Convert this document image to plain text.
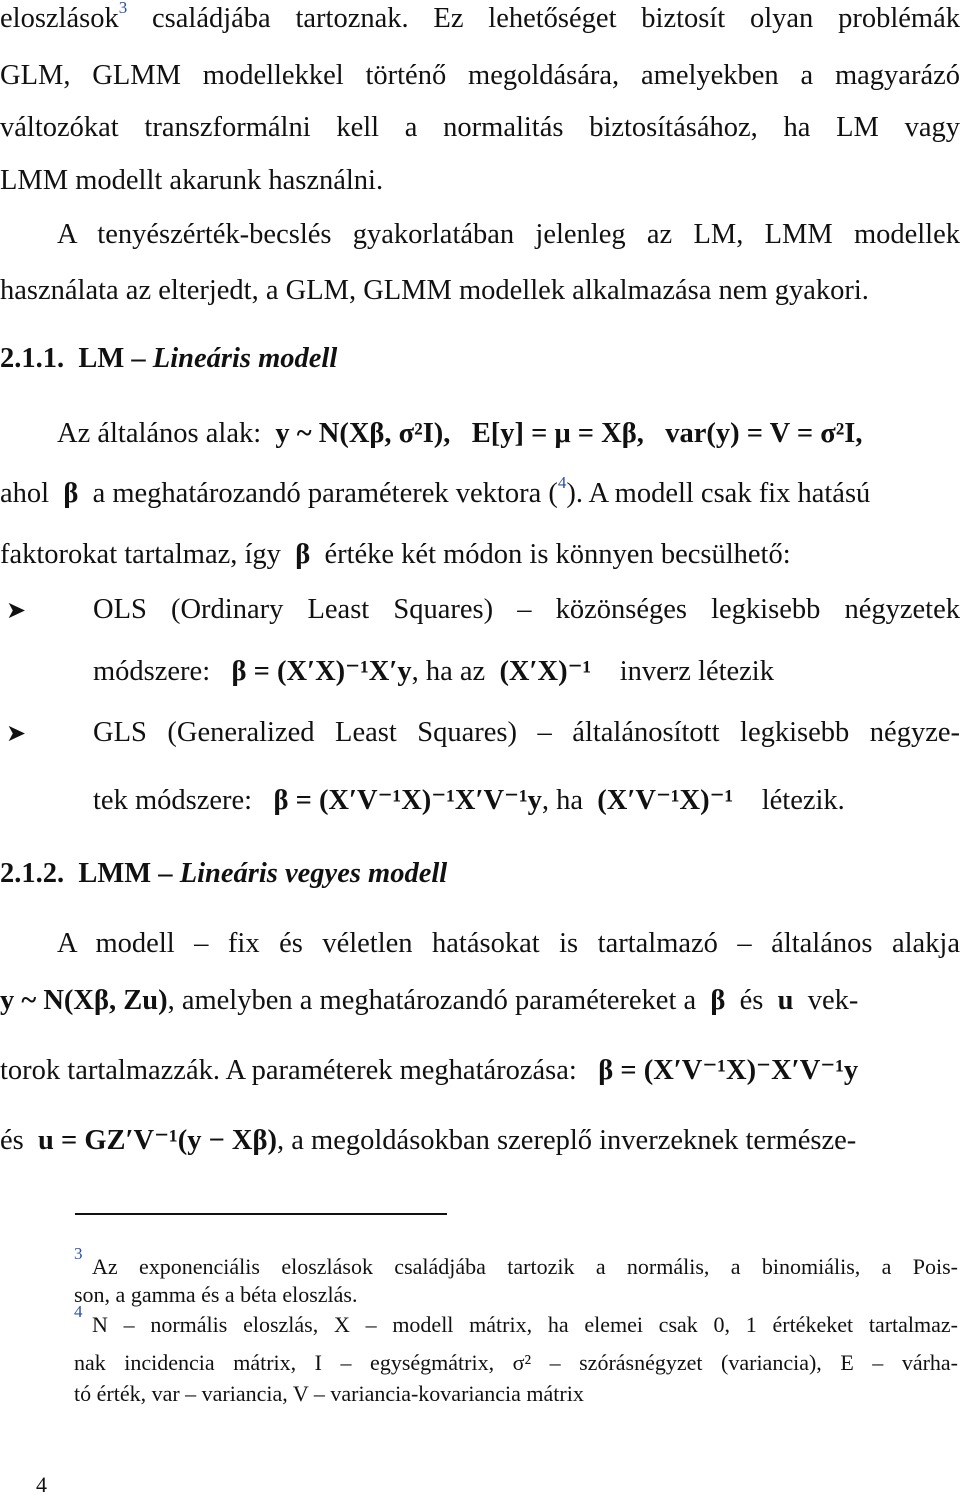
eloszlások$^3$ családjába tartoznak. Ez lehetőséget biztosít olyan problémák
GLM, GLMM modellekkel történő megoldására, amelyekben a magyarázó
változókat transzformálni kell a normalitás biztosításához, ha LM vagy
LMM modellt akarunk használni.
A tenyészérték-becslés gyakorlatában jelenleg az LM, LMM modellek
használata az elterjedt, a GLM, GLMM modellek alkalmazása nem gyakori.
2.1.1. LM – Lineáris modell
Az általános alak: y ~ N(Xβ, σ²I), E[y] = μ = Xβ, var(y) = V = σ²I,
ahol β  a meghatározandó paraméterek vektora ($^4$). A modell csak fix hatású
faktorokat tartalmaz, így β  értéke két módon is könnyen becsülhető:
➤ OLS (Ordinary Least Squares) – közönséges legkisebb négyzetek
módszere: β = (X′X)⁻¹X′y, ha az (X′X)⁻¹ inverz létezik
➤ GLS (Generalized Least Squares) – általánosított legkisebb négyze-
tek módszere: β = (X′V⁻¹X)⁻¹X′V⁻¹y, ha (X′V⁻¹X)⁻¹ létezik.
2.1.2. LMM – Lineáris vegyes modell
A modell – fix és véletlen hatásokat is tartalmazó – általános alakja
y ~ N(Xβ, Zu), amelyben a meghatározandó paramétereket a β és u vek-
torok tartalmazzák. A paraméterek meghatározása: β = (X′V⁻¹X)⁻X′V⁻¹y
és u = GZ′V⁻¹(y − Xβ), a megoldásokban szereplő inverzeknek természe-
$^3$
Az exponenciális eloszlások családjába tartozik a normális, a binomiális, a Pois-
son, a gamma és a béta eloszlás.
$^4$
N – normális eloszlás, X – modell mátrix, ha elemei csak 0, 1 értékeket tartalmaz-
nak incidencia mátrix, I – egységmátrix, σ² – szórásnégyzet (variancia), E – várha-
tó érték, var – variancia, V – variancia-kovariancia mátrix
4
